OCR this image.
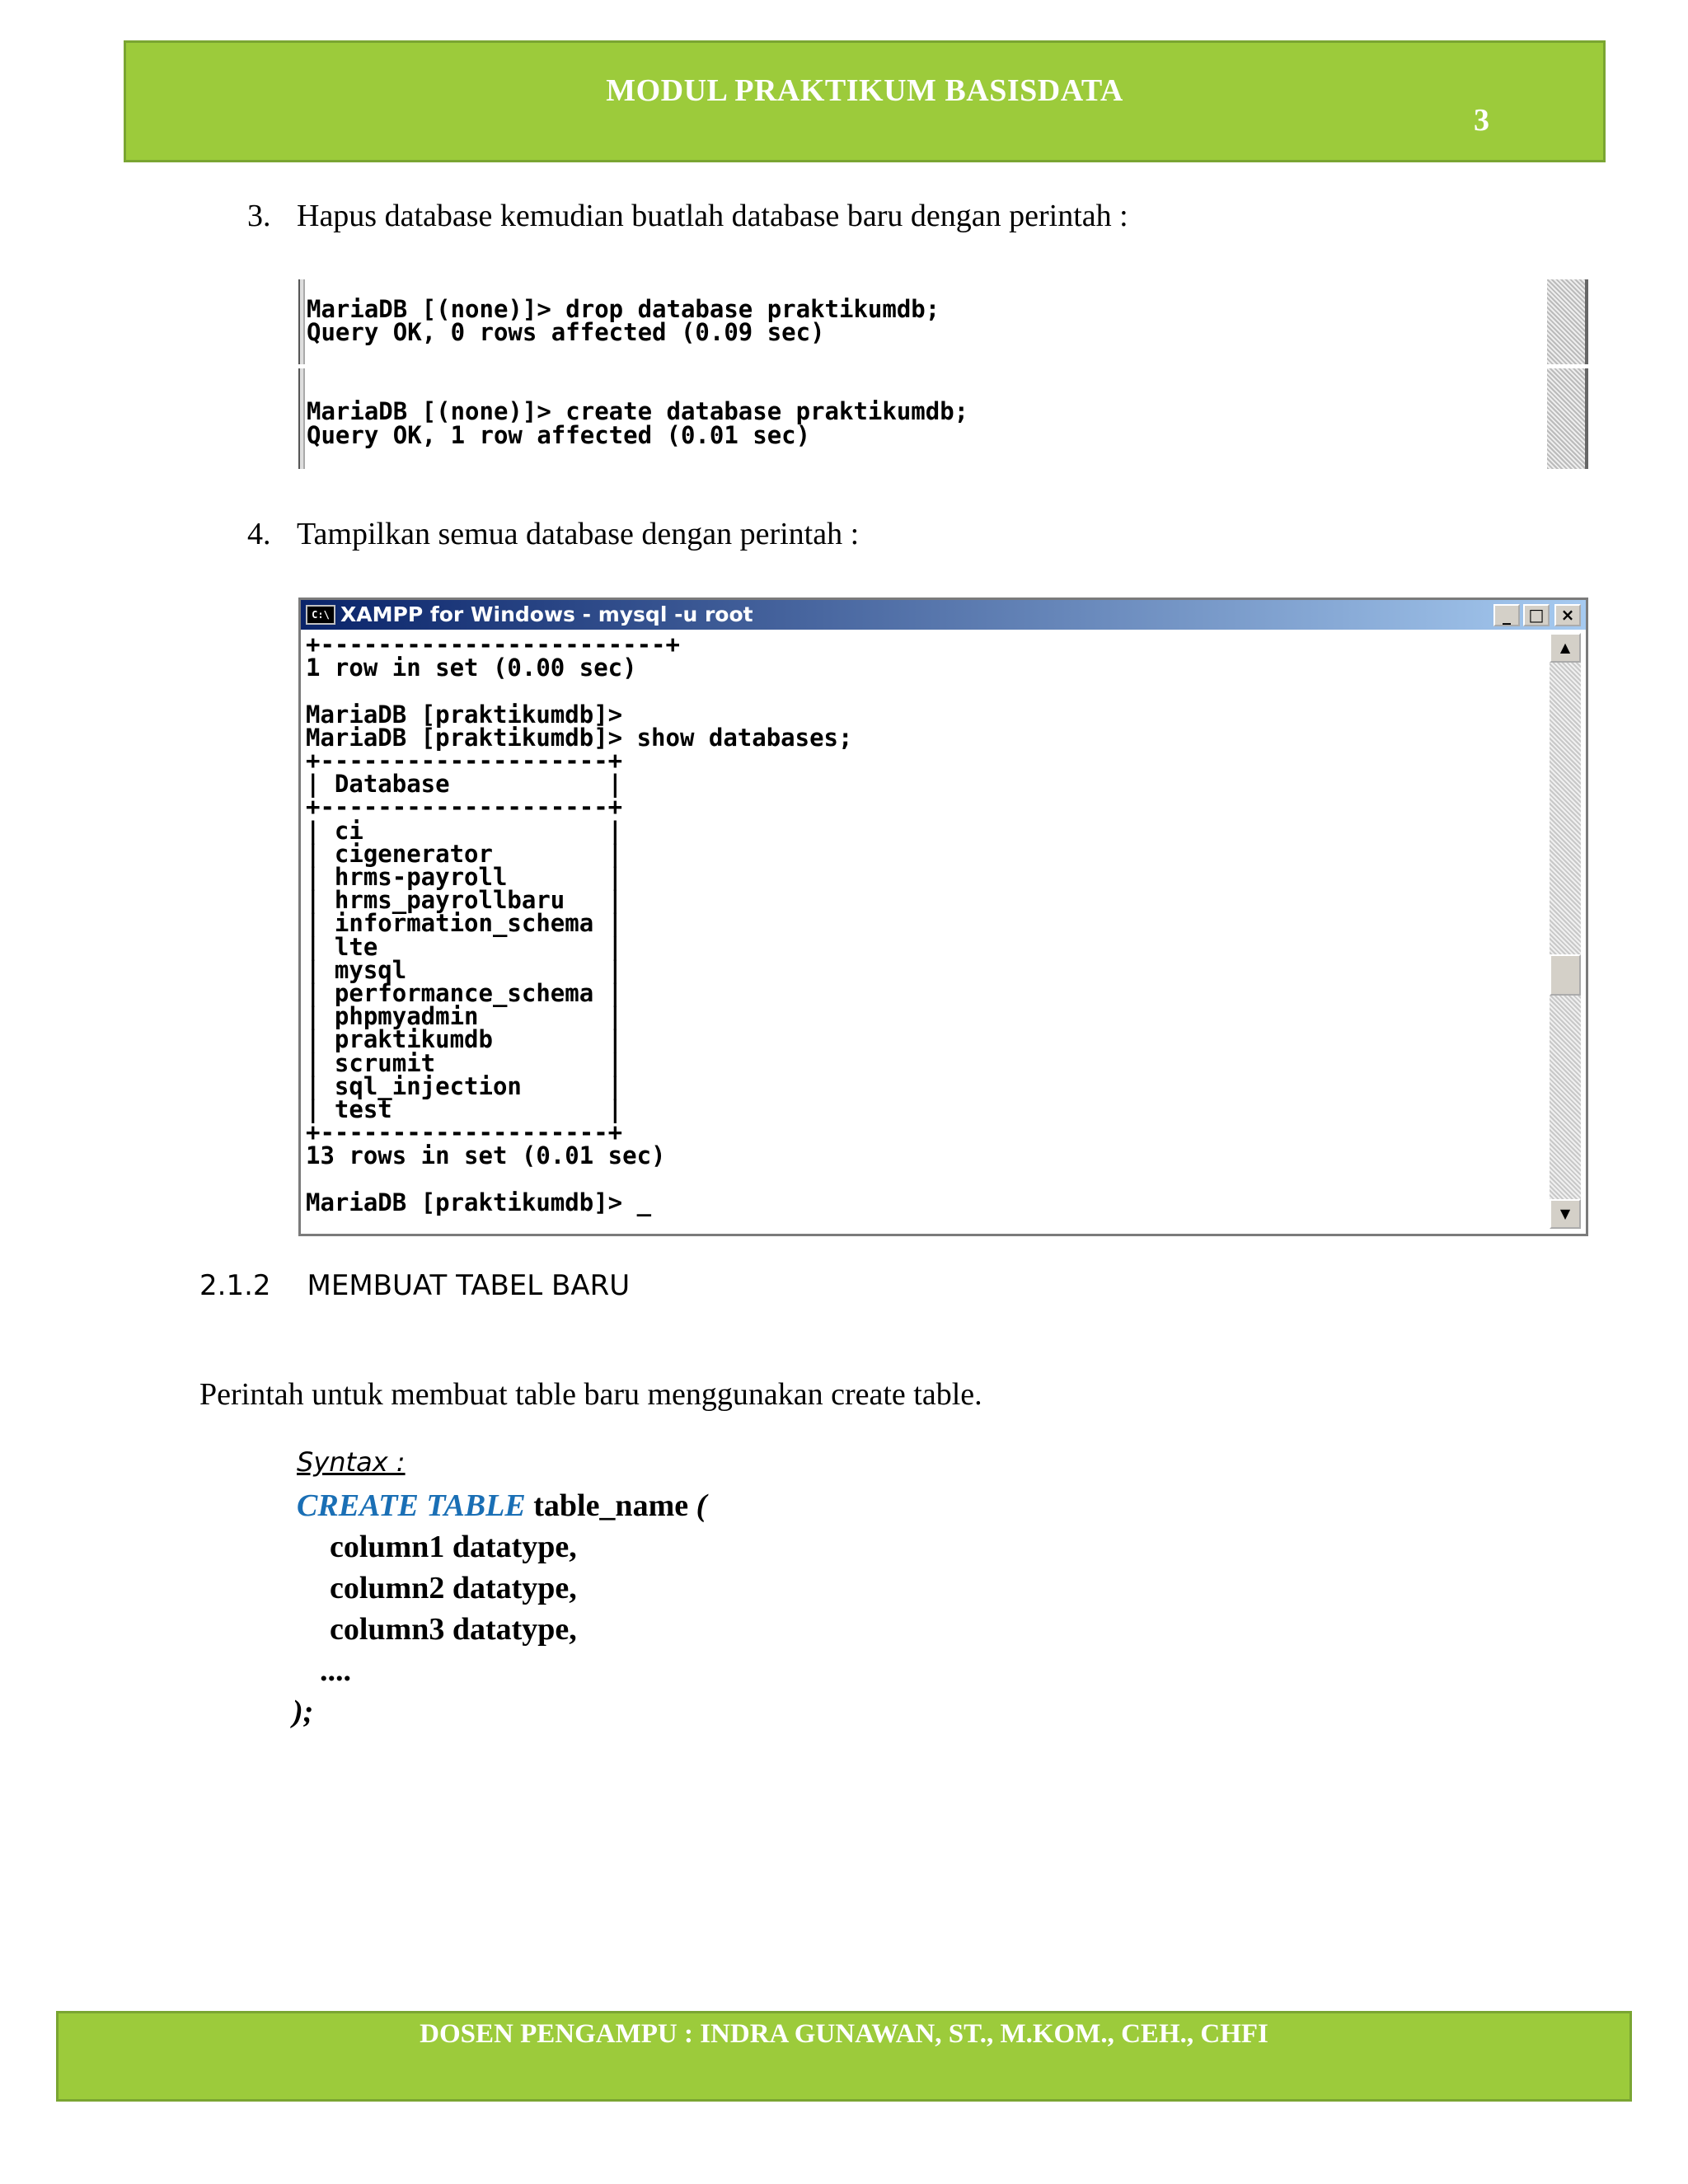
MODUL PRAKTIKUM BASISDATA
3
3. Hapus database kemudian buatlah database baru dengan perintah :
MariaDB [(none)]> drop database praktikumdb;
Query OK, 0 rows affected (0.09 sec)
MariaDB [(none)]> create database praktikumdb;
Query OK, 1 row affected (0.01 sec)
4. Tampilkan semua database dengan perintah :
C:\ XAMPP for Windows - mysql -u root	_	□	×
+------------------------+
1 row in set (0.00 sec)

MariaDB [praktikumdb]>
MariaDB [praktikumdb]> show databases;
+--------------------+
| Database           |
+--------------------+
| ci                 |
| cigenerator        |
| hrms-payroll       |
| hrms_payrollbaru   |
| information_schema |
| lte                |
| mysql              |
| performance_schema |
| phpmyadmin         |
| praktikumdb        |
| scrumit            |
| sql_injection      |
| test               |
+--------------------+
13 rows in set (0.01 sec)

MariaDB [praktikumdb]> _
▲
▼
2.1.2 MEMBUAT TABEL BARU
Perintah untuk membuat table baru menggunakan create table.
Syntax :
CREATE TABLE table_name (
column1 datatype,
column2 datatype,
column3 datatype,
....
);
DOSEN PENGAMPU : INDRA GUNAWAN, ST., M.KOM., CEH., CHFI
